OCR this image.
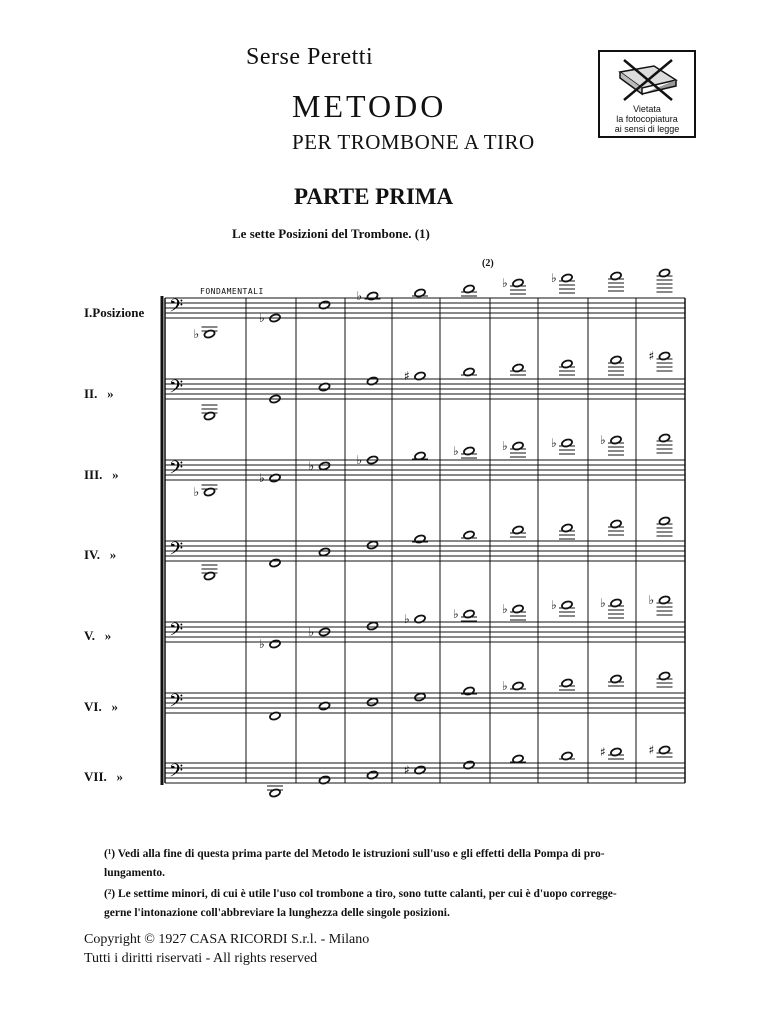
Serse Peretti
METODO
PER TROMBONE A TIRO
PARTE PRIMA
Le sette Posizioni del Trombone. (1)
Vietata
la fotocopiatura
ai sensi di legge
I.Posizione
II.   »
III.   »
IV.   »
V.   »
VI.   »
VII.   »
FONDAMENTALI
(2)
𝄢
𝄢
𝄢
𝄢
𝄢
𝄢
𝄢
♭
♭
♭
♭	♭
♯
♯
♭
♭
♭	♭
♭	♭	♭	♭
♭
♭
♭	♭	♭	♭	♭	♭
♭
♯
♯	♯
(¹) Vedi alla fine di questa prima parte del Metodo le istruzioni sull'uso e gli effetti della Pompa di pro-
lungamento.
(²) Le settime minori, di cui è utile l'uso col trombone a tiro, sono tutte calanti, per cui è d'uopo corregge-
gerne l'intonazione coll'abbreviare la lunghezza delle singole posizioni.
Copyright © 1927 CASA RICORDI S.r.l. - Milano
Tutti i diritti riservati - All rights reserved
